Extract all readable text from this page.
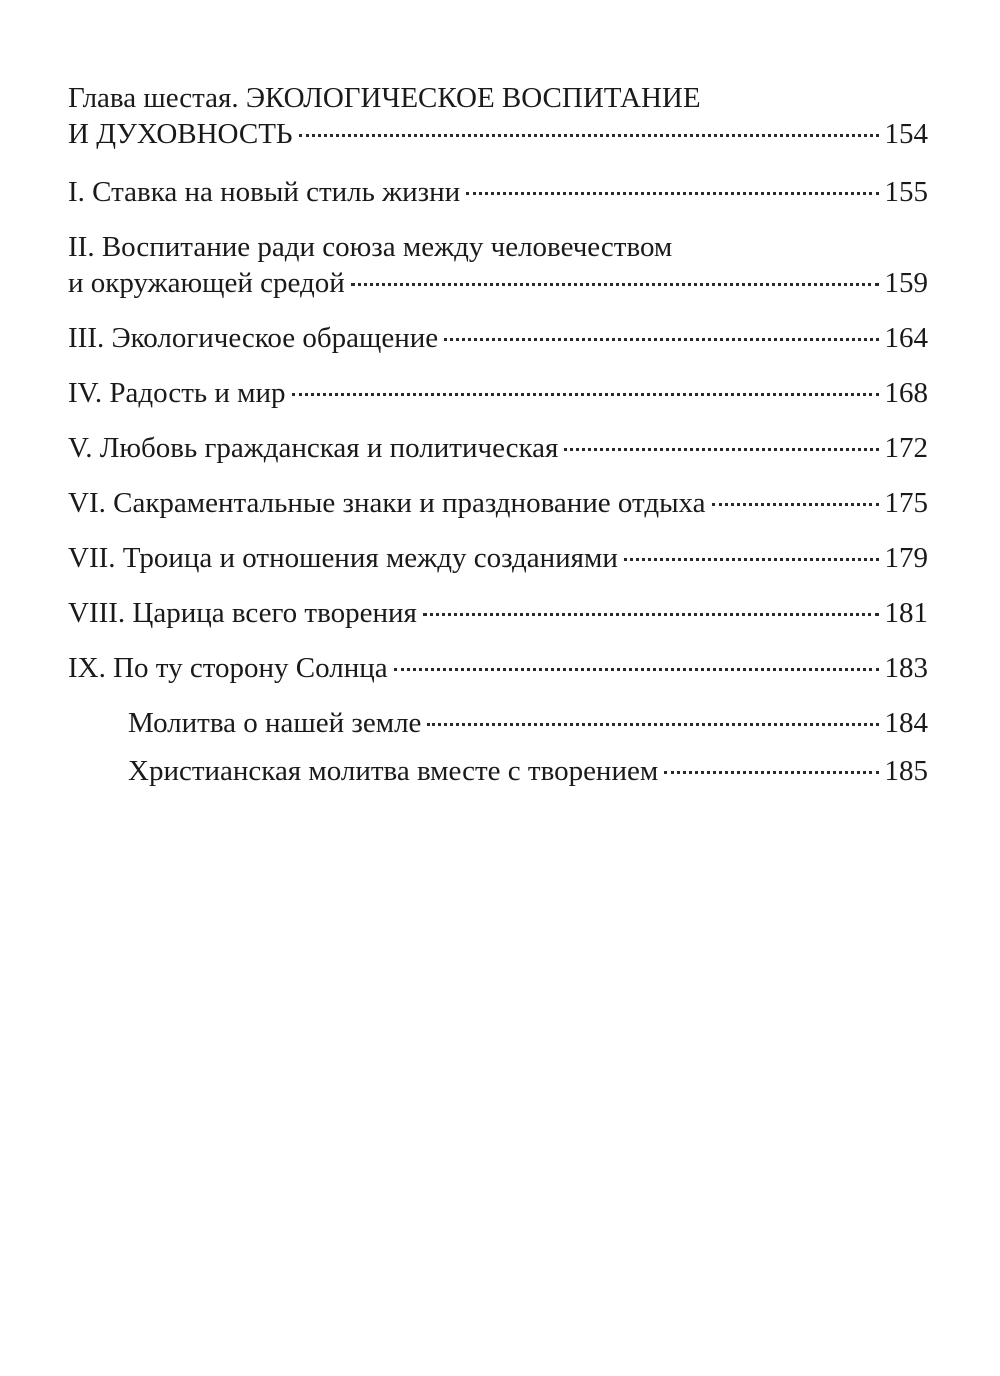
Глава шестая. ЭКОЛОГИЧЕСКОЕ ВОСПИТАНИЕ
И ДУХОВНОСТЬ	154
I. Ставка на новый стиль жизни	155
II. Воспитание ради союза между человечеством
и окружающей средой	159
III. Экологическое обращение	164
IV. Радость и мир	168
V. Любовь гражданская и политическая	172
VI. Сакраментальные знаки и празднование отдыха	175
VII. Троица и отношения между созданиями	179
VIII. Царица всего творения	181
IX. По ту сторону Солнца	183
Молитва о нашей земле	184
Христианская молитва вместе с творением	185
